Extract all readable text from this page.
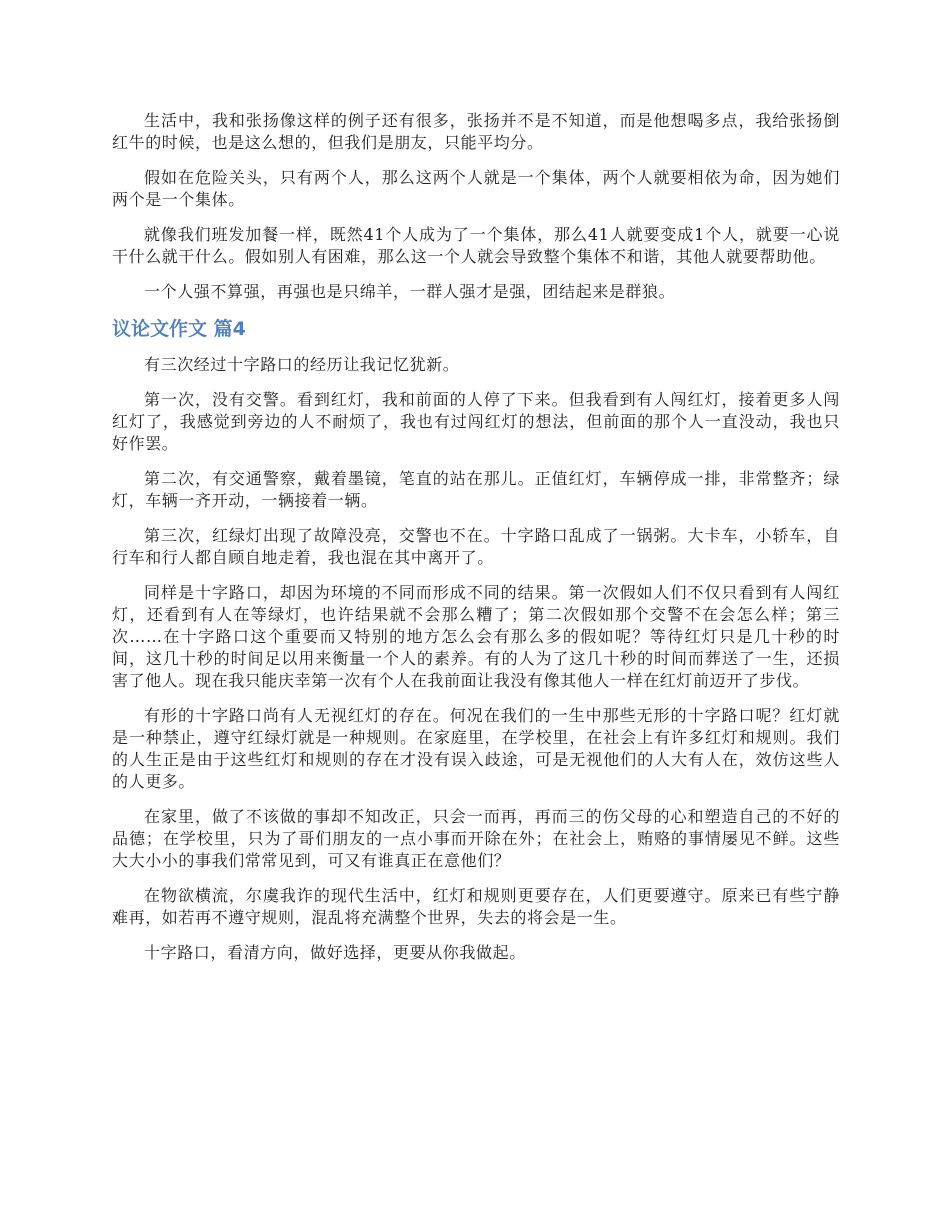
生活中，我和张扬像这样的例子还有很多，张扬并不是不知道，而是他想喝多点，我给张扬倒红牛的时候，也是这么想的，但我们是朋友，只能平均分。

假如在危险关头，只有两个人，那么这两个人就是一个集体，两个人就要相依为命，因为她们两个是一个集体。

就像我们班发加餐一样，既然41个人成为了一个集体，那么41人就要变成1个人，就要一心说干什么就干什么。假如别人有困难，那么这一个人就会导致整个集体不和谐，其他人就要帮助他。

一个人强不算强，再强也是只绵羊，一群人强才是强，团结起来是群狼。

议论文作文 篇4

有三次经过十字路口的经历让我记忆犹新。

第一次，没有交警。看到红灯，我和前面的人停了下来。但我看到有人闯红灯，接着更多人闯红灯了，我感觉到旁边的人不耐烦了，我也有过闯红灯的想法，但前面的那个人一直没动，我也只好作罢。

第二次，有交通警察，戴着墨镜，笔直的站在那儿。正值红灯，车辆停成一排，非常整齐；绿灯，车辆一齐开动，一辆接着一辆。

第三次，红绿灯出现了故障没亮，交警也不在。十字路口乱成了一锅粥。大卡车，小轿车，自行车和行人都自顾自地走着，我也混在其中离开了。

同样是十字路口，却因为环境的不同而形成不同的结果。第一次假如人们不仅只看到有人闯红灯，还看到有人在等绿灯，也许结果就不会那么糟了；第二次假如那个交警不在会怎么样；第三次……在十字路口这个重要而又特别的地方怎么会有那么多的假如呢？等待红灯只是几十秒的时间，这几十秒的时间足以用来衡量一个人的素养。有的人为了这几十秒的时间而葬送了一生，还损害了他人。现在我只能庆幸第一次有个人在我前面让我没有像其他人一样在红灯前迈开了步伐。

有形的十字路口尚有人无视红灯的存在。何况在我们的一生中那些无形的十字路口呢？红灯就是一种禁止，遵守红绿灯就是一种规则。在家庭里，在学校里，在社会上有许多红灯和规则。我们的人生正是由于这些红灯和规则的存在才没有误入歧途，可是无视他们的人大有人在，效仿这些人的人更多。

在家里，做了不该做的事却不知改正，只会一而再，再而三的伤父母的心和塑造自己的不好的品德；在学校里，只为了哥们朋友的一点小事而开除在外；在社会上，贿赂的事情屡见不鲜。这些大大小小的事我们常常见到，可又有谁真正在意他们？

在物欲横流，尔虞我诈的现代生活中，红灯和规则更要存在，人们更要遵守。原来已有些宁静难再，如若再不遵守规则，混乱将充满整个世界，失去的将会是一生。

十字路口，看清方向，做好选择，更要从你我做起。
